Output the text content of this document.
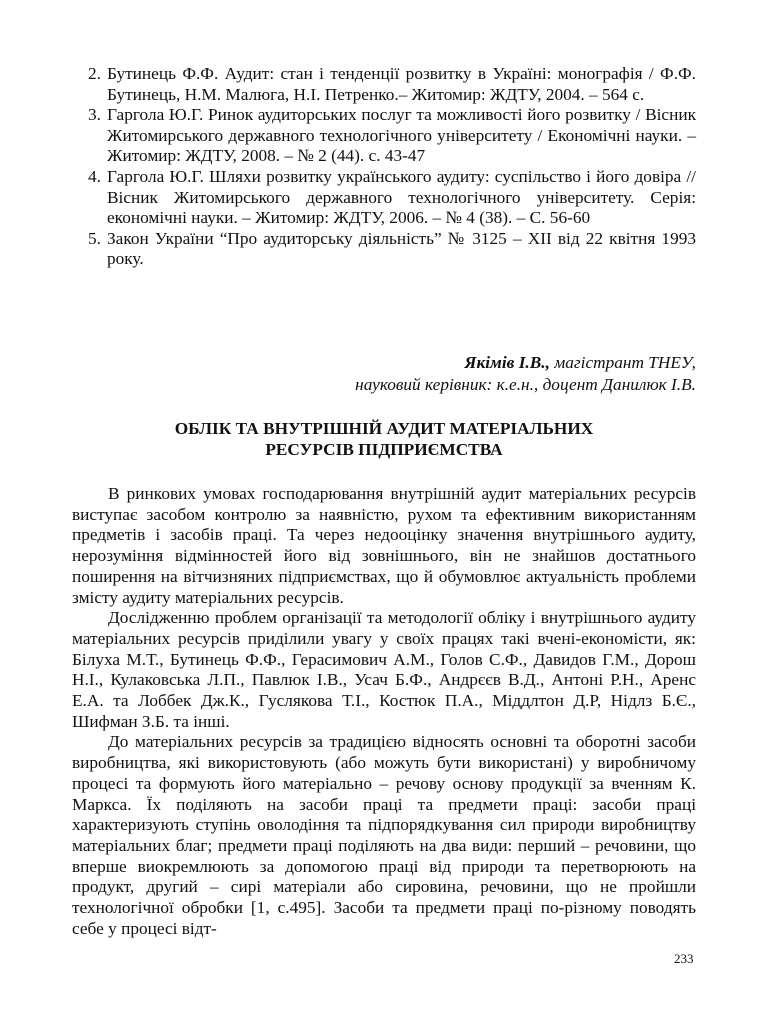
2. Бутинець Ф.Ф. Аудит: стан і тенденції розвитку в Україні: монографія / Ф.Ф. Бутинець, Н.М. Малюга, Н.І. Петренко.– Житомир: ЖДТУ, 2004. – 564 с.
3. Гаргола Ю.Г. Ринок аудиторських послуг та можливості його розвитку / Вісник Житомирського державного технологічного університету / Економічні науки. – Житомир: ЖДТУ, 2008. – № 2 (44). с. 43-47
4. Гаргола Ю.Г. Шляхи розвитку українського аудиту: суспільство і його довіра // Вісник Житомирського державного технологічного університету. Серія: економічні науки. – Житомир: ЖДТУ, 2006. – № 4 (38). – С. 56-60
5. Закон України “Про аудиторську діяльність” № 3125 – XII від 22 квітня 1993 року.
Якімів І.В., магістрант ТНЕУ,
науковий керівник: к.е.н., доцент Данилюк І.В.
ОБЛІК ТА ВНУТРІШНІЙ АУДИТ МАТЕРІАЛЬНИХ
РЕСУРСІВ ПІДПРИЄМСТВА

В ринкових умовах господарювання внутрішній аудит матеріальних ресурсів виступає засобом контролю за наявністю, рухом та ефективним використанням предметів і засобів праці. Та через недооцінку значення внутрішнього аудиту, нерозуміння відмінностей його від зовнішнього, він не знайшов достатнього поширення на вітчизняних підприємствах, що й обумовлює актуальність проблеми змісту аудиту матеріальних ресурсів.

Дослідженню проблем організації та методології обліку і внутрішнього аудиту матеріальних ресурсів приділили увагу у своїх працях такі вчені-економісти, як: Білуха М.Т., Бутинець Ф.Ф., Герасимович А.М., Голов С.Ф., Давидов Г.М., Дорош Н.І., Кулаковська Л.П., Павлюк І.В., Усач Б.Ф., Андрєєв В.Д., Антоні Р.Н., Аренс Е.А. та Лоббек Дж.К., Гуслякова Т.І., Костюк П.А., Міддлтон Д.Р, Нідлз Б.Є., Шифман З.Б. та інші.

До матеріальних ресурсів за традицією відносять основні та оборотні засоби виробництва, які використовують (або можуть бути використані) у виробничому процесі та формують його матеріально – речову основу продукції за вченням К. Маркса. Їх поділяють на засоби праці та предмети праці: засоби праці характеризують ступінь оволодіння та підпорядкування сил природи виробництву матеріальних благ; предмети праці поділяють на два види: перший – речовини, що вперше виокремлюють за допомогою праці від природи та перетворюють на продукт, другий – сирі матеріали або сировина, речовини, що не пройшли технологічної обробки [1, с.495]. Засоби та предмети праці по-різному поводять себе у процесі відт-

233
